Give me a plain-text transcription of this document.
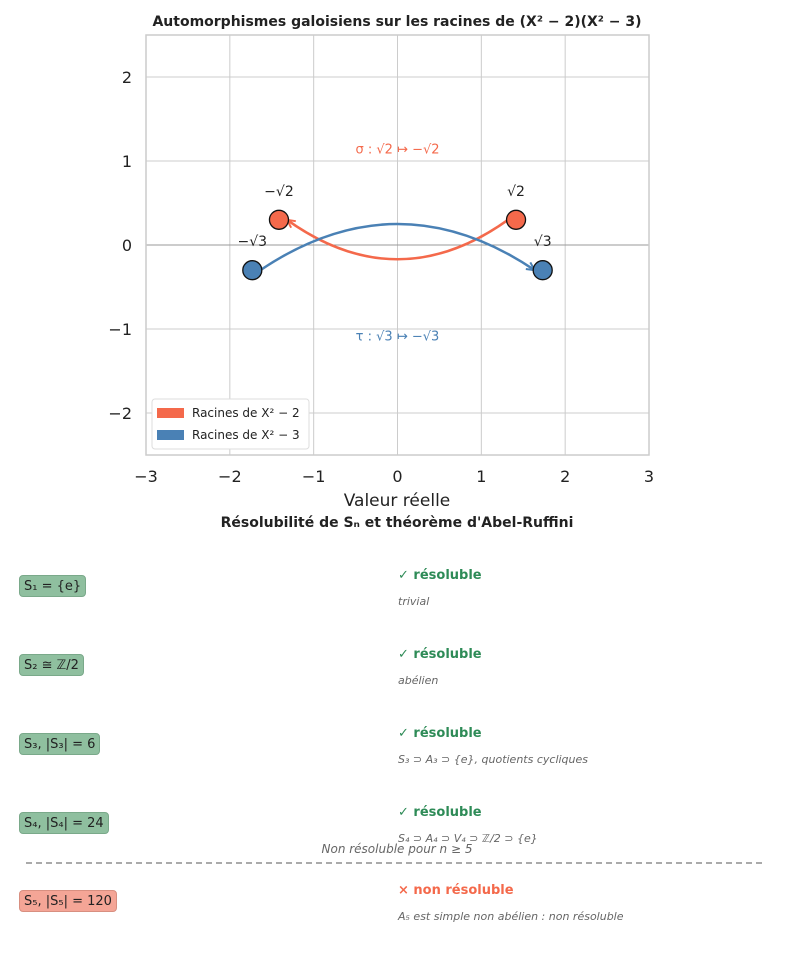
Automorphismes galoisiens sur les racines de (X² − 2)(X² − 3)
−3	−2	−1	0	1	2	3
−2
−1
0
1
2
√2
−√2
√3
−√3
σ : √2 ↦ −√2
τ : √3 ↦ −√3
Racines de X² − 2
Racines de X² − 3
Valeur réelle
Résolubilité de Sₙ et théorème d'Abel-Ruffini
S₁ = {e}
✓ résoluble
trivial
S₂ ≅ ℤ/2
✓ résoluble
abélien
S₃, |S₃| = 6
✓ résoluble
S₃ ⊃ A₃ ⊃ {e}, quotients cycliques
S₄, |S₄| = 24
✓ résoluble
S₄ ⊃ A₄ ⊃ V₄ ⊃ ℤ/2 ⊃ {e}
S₅, |S₅| = 120
× non résoluble
A₅ est simple non abélien : non résoluble
Non résoluble pour n ≥ 5
